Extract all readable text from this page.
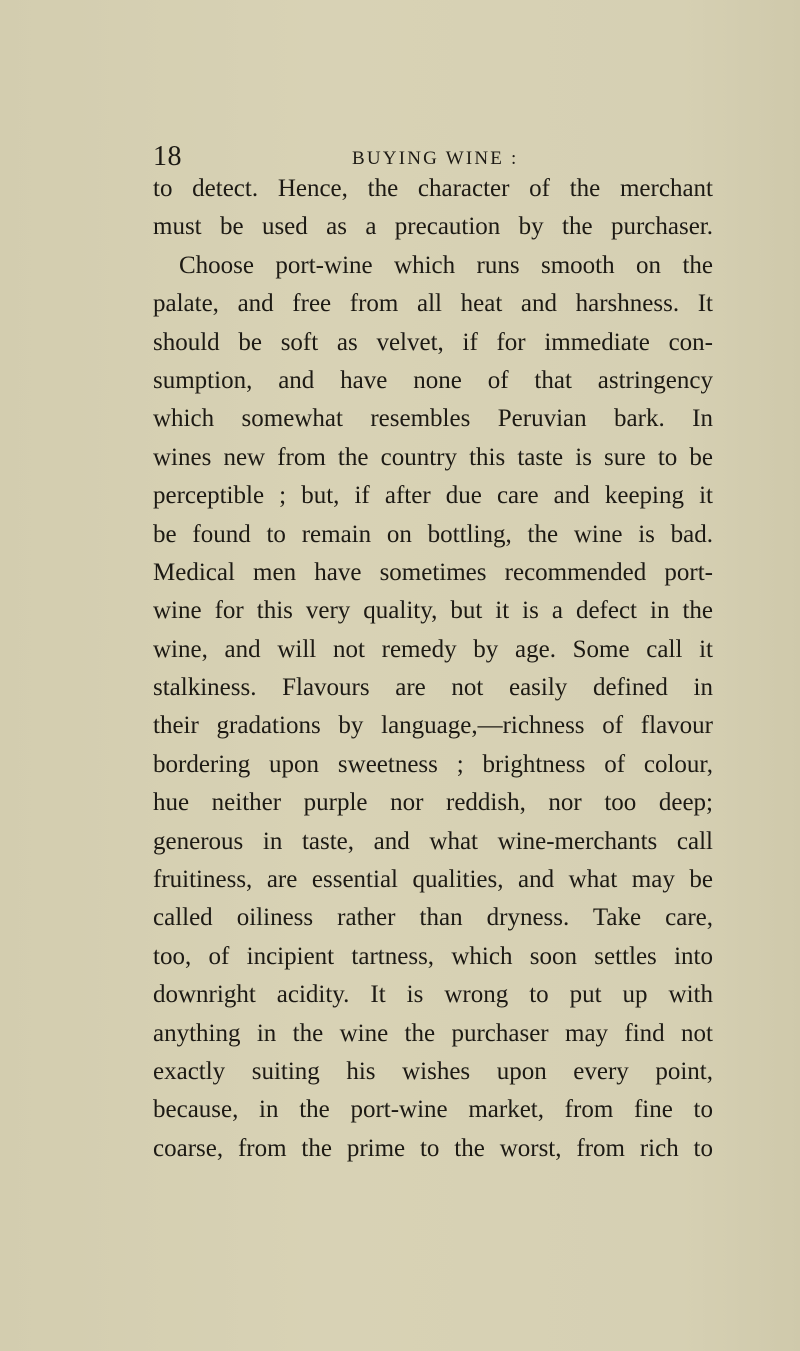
18	BUYING WINE :
to detect. Hence, the character of the merchant
must be used as a precaution by the purchaser.
Choose port-wine which runs smooth on the
palate, and free from all heat and harshness. It
should be soft as velvet, if for immediate con-
sumption, and have none of that astringency
which somewhat resembles Peruvian bark. In
wines new from the country this taste is sure to be
perceptible ; but, if after due care and keeping it
be found to remain on bottling, the wine is bad.
Medical men have sometimes recommended port-
wine for this very quality, but it is a defect in the
wine, and will not remedy by age. Some call it
stalkiness. Flavours are not easily defined in
their gradations by language,—richness of flavour
bordering upon sweetness ; brightness of colour,
hue neither purple nor reddish, nor too deep;
generous in taste, and what wine-merchants call
fruitiness, are essential qualities, and what may be
called oiliness rather than dryness. Take care,
too, of incipient tartness, which soon settles into
downright acidity. It is wrong to put up with
anything in the wine the purchaser may find not
exactly suiting his wishes upon every point,
because, in the port-wine market, from fine to
coarse, from the prime to the worst, from rich to
